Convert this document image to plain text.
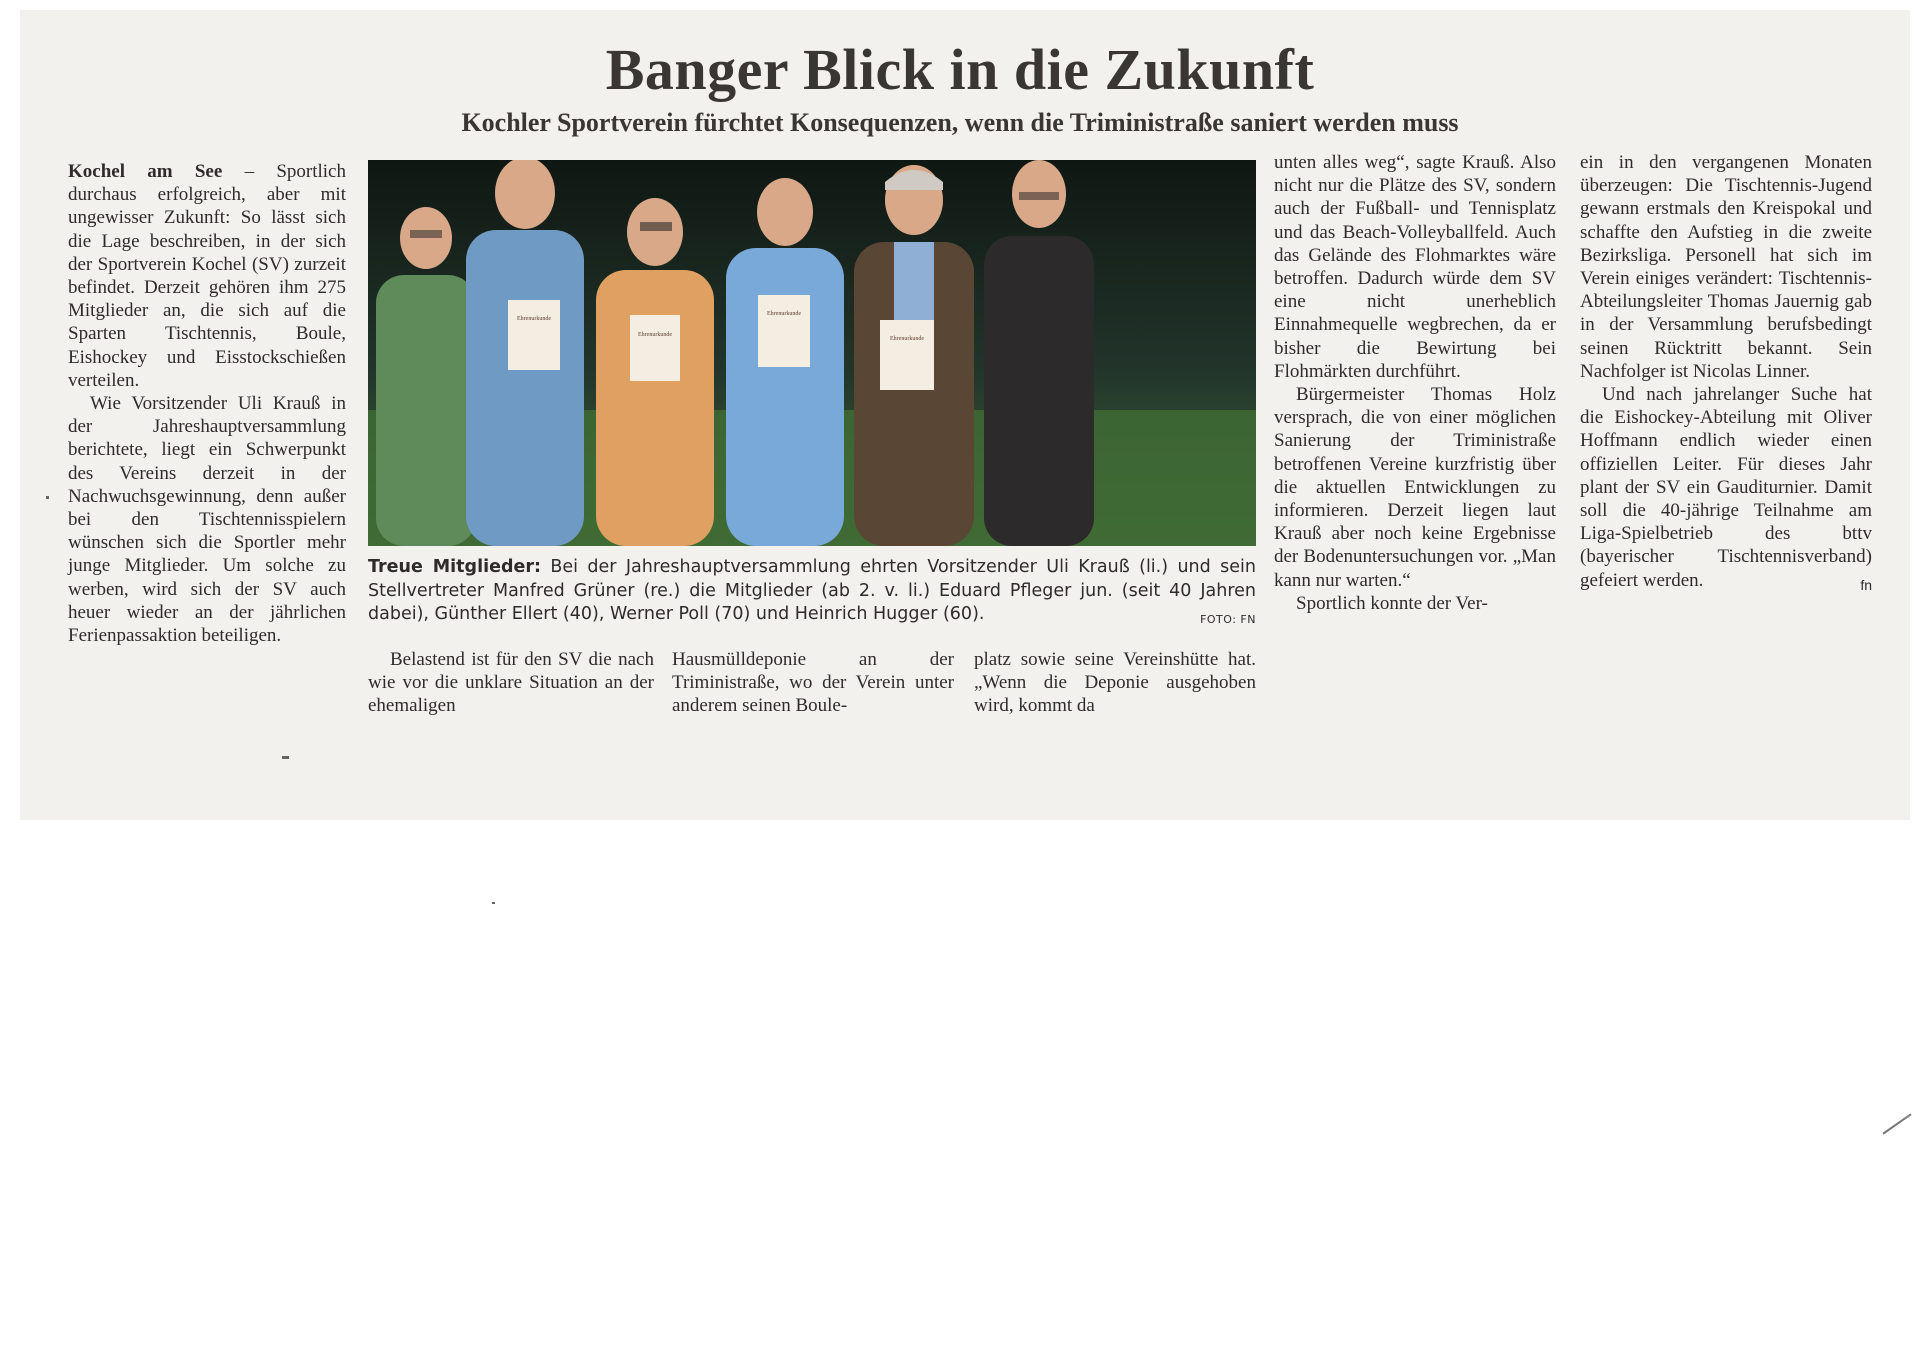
Banger Blick in die Zukunft
Kochler Sportverein fürchtet Konsequenzen, wenn die Triministraße saniert werden muss

Kochel am See – Sportlich durchaus erfolgreich, aber mit ungewisser Zukunft: So lässt sich die Lage beschreiben, in der sich der Sportverein Kochel (SV) zurzeit befindet. Derzeit gehören ihm 275 Mitglieder an, die sich auf die Sparten Tischtennis, Boule, Eishockey und Eisstockschießen verteilen.

Wie Vorsitzender Uli Krauß in der Jahreshauptversammlung berichtete, liegt ein Schwerpunkt des Vereins derzeit in der Nachwuchsgewinnung, denn außer bei den Tischtennisspielern wünschen sich die Sportler mehr junge Mitglieder. Um solche zu werben, wird sich der SV auch heuer wieder an der jährlichen Ferienpassaktion beteiligen.

Ehrenurkunde
Ehrenurkunde
Ehrenurkunde
Ehrenurkunde
Treue Mitglieder: Bei der Jahreshauptversammlung ehrten Vorsitzender Uli Krauß (li.) und sein Stellvertreter Manfred Grüner (re.) die Mitglieder (ab 2. v. li.) Eduard Pfleger jun. (seit 40 Jahren dabei), Günther Ellert (40), Werner Poll (70) und Heinrich Hugger (60).	FOTO: FN

Belastend ist für den SV die nach wie vor die unklare Situation an der ehemaligen

Hausmülldeponie an der Triministraße, wo der Verein unter anderem seinen Boule-

platz sowie seine Vereinshütte hat. „Wenn die Deponie ausgehoben wird, kommt da

unten alles weg“, sagte Krauß. Also nicht nur die Plätze des SV, sondern auch der Fußball- und Tennisplatz und das Beach-Volleyballfeld. Auch das Gelände des Flohmarktes wäre betroffen. Dadurch würde dem SV eine nicht unerheblich Einnahmequelle wegbrechen, da er bisher die Bewirtung bei Flohmärkten durchführt.

Bürgermeister Thomas Holz versprach, die von einer möglichen Sanierung der Triministraße betroffenen Vereine kurzfristig über die aktuellen Entwicklungen zu informieren. Derzeit liegen laut Krauß aber noch keine Ergebnisse der Bodenuntersuchungen vor. „Man kann nur warten.“

Sportlich konnte der Ver-

ein in den vergangenen Monaten überzeugen: Die Tischtennis-Jugend gewann erstmals den Kreispokal und schaffte den Aufstieg in die zweite Bezirksliga. Personell hat sich im Verein einiges verändert: Tischtennis-Abteilungsleiter Thomas Jauernig gab in der Versammlung berufsbedingt seinen Rücktritt bekannt. Sein Nachfolger ist Nicolas Linner.

Und nach jahrelanger Suche hat die Eishockey-Abteilung mit Oliver Hoffmann endlich wieder einen offiziellen Leiter. Für dieses Jahr plant der SV ein Gauditurnier. Damit soll die 40-jährige Teilnahme am Liga-Spielbetrieb des bttv (bayerischer Tischtennisverband) gefeiert werden.	fn
